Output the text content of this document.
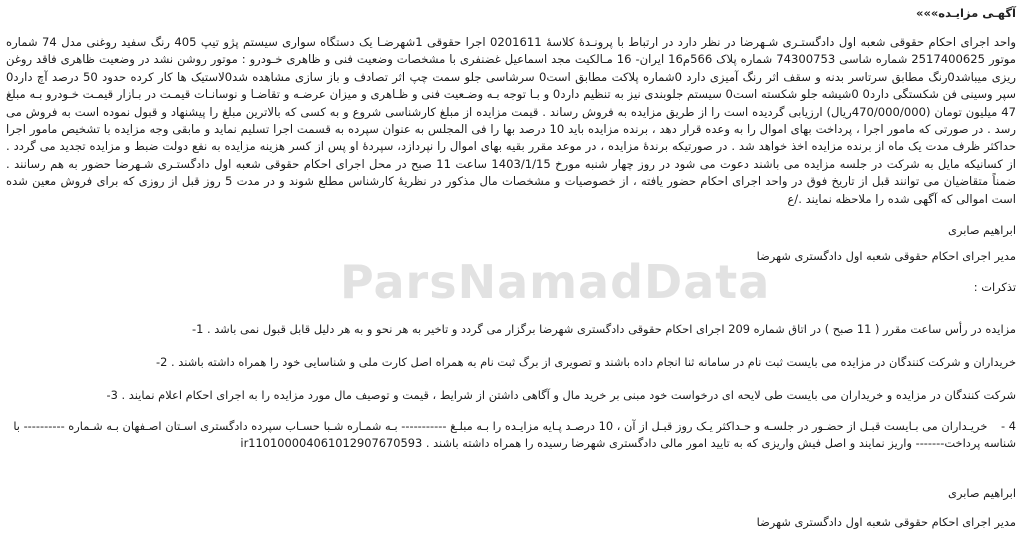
آگهـی مزایـده»»»
واحد اجرای احکام حقوقی شعبه اول دادگستـری شـهرضا در نظر دارد در ارتباط با پرونـدۀ کلاسۀ 0201611 اجرا حقوقی 1شهرضـا یک دستگاه سواری سیستم پژو تیپ 405 رنگ سفید روغنی مدل 74 شماره موتور 2517400625 شماره شاسی 74300753 شماره پلاک 566م16 ایران- 16 مـالکیت مجد اسماعیل غضنفری با مشخصات وضعیت فنی و ظاهری خـودرو : موتور روشن نشد در وضعیت ظاهری فاقد روغن ریزی میباشد0رنگ مطابق سرتاسر بدنه و سقف اثر رنگ آمیزی دارد 0شماره پلاکت مطابق است0 سرشاسی جلو سمت چپ اثر تصادف و باز سازی مشاهده شد0لاستیک ها کار کرده حدود 50 درصد آچ دارد0 سپر وسینی فن شکستگی دارد0 0شیشه جلو شکسته است0 سیستم جلوبندی نیز به تنظیم دارد0 و بـا توجه بـه وضـعیت فنی و ظـاهری و میزان عرضـه و تقاضـا و نوسانـات قیمـت در بـازار قیمـت خـودرو بـه مبلغ 47 میلیون تومان (470/000/000ریال) ارزیابی گردیده است را از طریق مزایده به فروش رساند . قیمت مزایده از مبلغ کارشناسی شروع و به کسی که بالاترین مبلغ را پیشنهاد و قبول نموده است به فروش می رسد . در صورتی که مامور اجرا ، پرداخت بهای اموال را به وعده قرار دهد ، برنده مزایده باید 10 درصد بها را فی المجلس به عنوان سپرده به قسمت اجرا تسلیم نماید و مابقی وجه مزایده با تشخیص مامور اجرا حداکثر ظرف مدت یک ماه از برنده مزایده اخذ خواهد شد . در صورتیکه برندۀ مزایده ، در موعد مقرر بقیه بهای اموال را نپردازد، سپردۀ او پس از کسر هزینه مزایده به نفع دولت ضبط و مزایده تجدید می گردد . از کسانیکه مایل به شرکت در جلسه مزایده می باشند دعوت می شود در روز چهار شنبه مورخ 1403/1/15 ساعت 11 صبح در محل اجرای احکام حقوقی شعبه اول دادگستـری شـهرضا حضور به هم رسانند . ضمناً متقاضیان می توانند قبل از تاریخ فوق در واحد اجرای احکام حضور یافته ، از خصوصیات و مشخصات مال مذکور در نظریۀ کارشناس مطلع شوند و در مدت 5 روز قبل از روزی که برای فروش معین شده است اموالی که آگهی شده را ملاحظه نمایند ./ع
ابراهیم صابری
مدیر اجرای احکام حقوقی شعبه اول دادگستری شهرضا
تذکرات :
مزایده در رأس ساعت مقرر ( 11 صبح ) در اتاق شماره 209 اجرای احکام حقوقی دادگستری شهرضا برگزار می گردد و تاخیر به هر نحو و به هر دلیل قابل قبول نمی باشد . 1-
خریداران و شرکت کنندگان در مزایده می بایست ثبت نام در سامانه ثنا انجام داده باشند و تصویری از برگ ثبت نام به همراه اصل کارت ملی و شناسایی خود را همراه داشته باشند . 2-
شرکت کنندگان در مزایده و خریداران می بایست طی لایحه ای درخواست خود مبنی بر خرید مال و آگاهی داشتن از شرایط ، قیمت و توصیف مال مورد مزایده را به اجرای احکام اعلام نمایند . 3-
4 - خریـداران می بـایست قبـل از حضـور در جلسـه و حـداکثر یـک روز قبـل از آن ، 10 درصـد پـایه مزایـده را بـه مبلـغ ----------- بـه شمـاره شـبا حسـاب سپرده دادگستری اسـتان اصـفهان بـه شـماره ---------- با شناسه پرداخت------- واریز نمایند و اصل فیش واریزی که به تایید امور مالی دادگستری شهرضا رسیده را همراه داشته باشند . ir110100004061012907670593
ابراهیم صابری
مدیر اجرای احکام حقوقی شعبه اول دادگستری شهرضا
ParsNamadData
